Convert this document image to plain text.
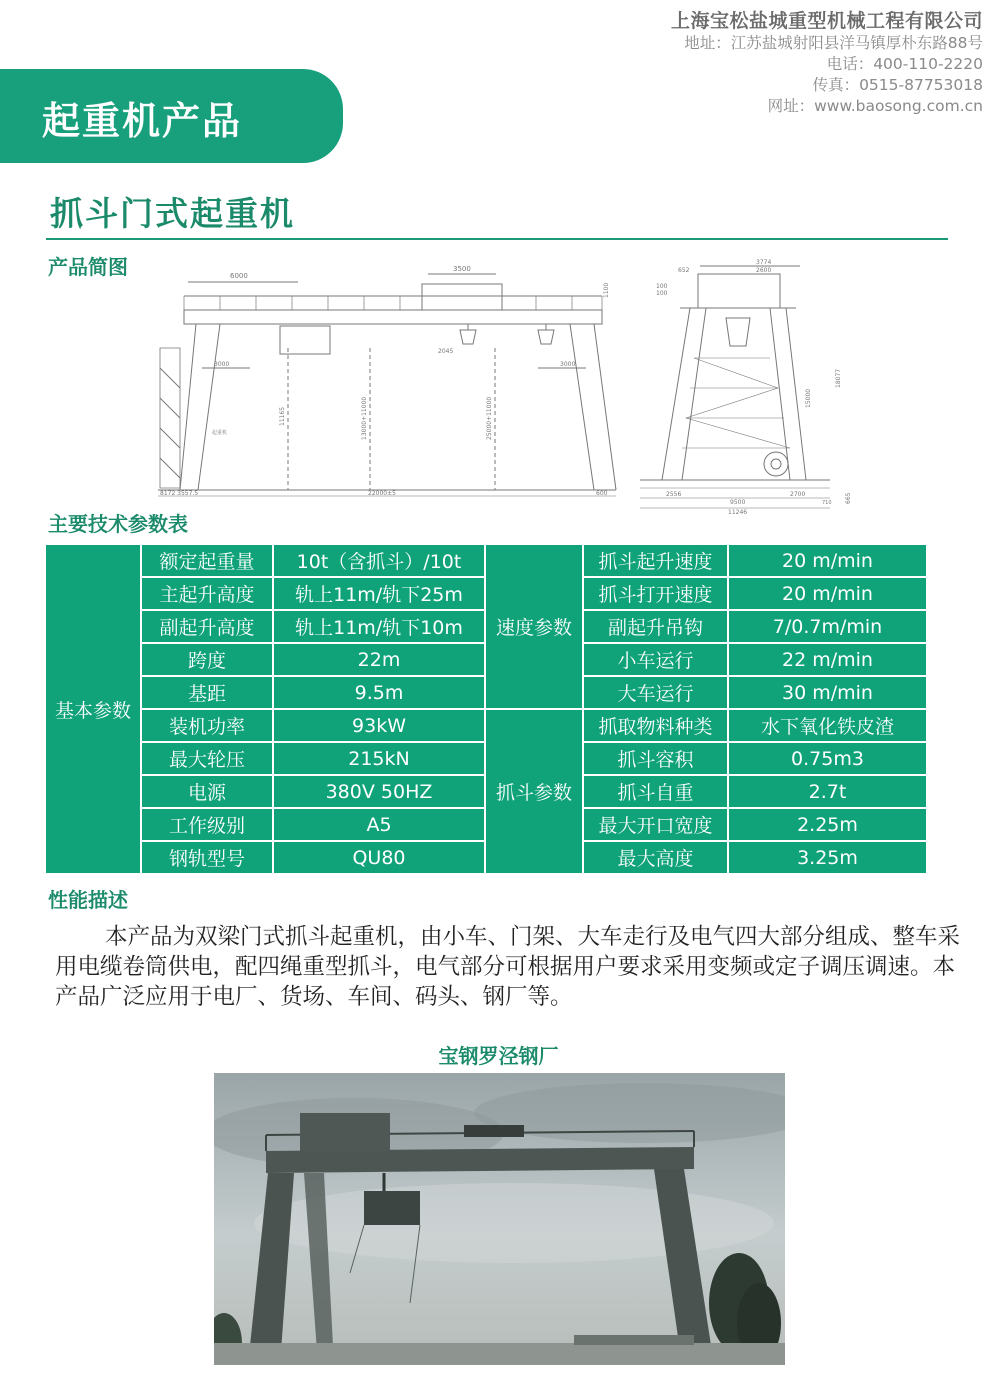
上海宝松盐城重型机械工程有限公司
地址：江苏盐城射阳县洋马镇厚朴东路88号
电话：400-110-2220
传真：0515-87753018
网址：www.baosong.com.cn
起重机产品
抓斗门式起重机
产品简图	6000
3500
1100
11165	13000+11000	25000+11000
3000
2045
3000
起重机
8172 3557.5	22000±5	600
3774
2600
652
100
100
15000
18077
665
2556	2700
9500	710
11246
主要技术参数表
基本参数	额定起重量	10t（含抓斗）/10t	速度参数	抓斗起升速度	20 m/min
	主起升高度	轨上11m/轨下25m		抓斗打开速度	20 m/min
	副起升高度	轨上11m/轨下10m		副起升吊钩	7/0.7m/min
	跨度	22m		小车运行	22 m/min
	基距	9.5m		大车运行	30 m/min
	装机功率	93kW	抓斗参数	抓取物料种类	水下氧化铁皮渣
	最大轮压	215kN		抓斗容积	0.75m3
	电源	380V 50HZ		抓斗自重	2.7t
	工作级别	A5		最大开口宽度	2.25m
	钢轨型号	QU80		最大高度	3.25m
性能描述
本产品为双梁门式抓斗起重机，由小车、门架、大车走行及电气四大部分组成、整车采用电缆卷筒供电，配四绳重型抓斗，电气部分可根据用户要求采用变频或定子调压调速。本产品广泛应用于电厂、货场、车间、码头、钢厂等。
宝钢罗泾钢厂
